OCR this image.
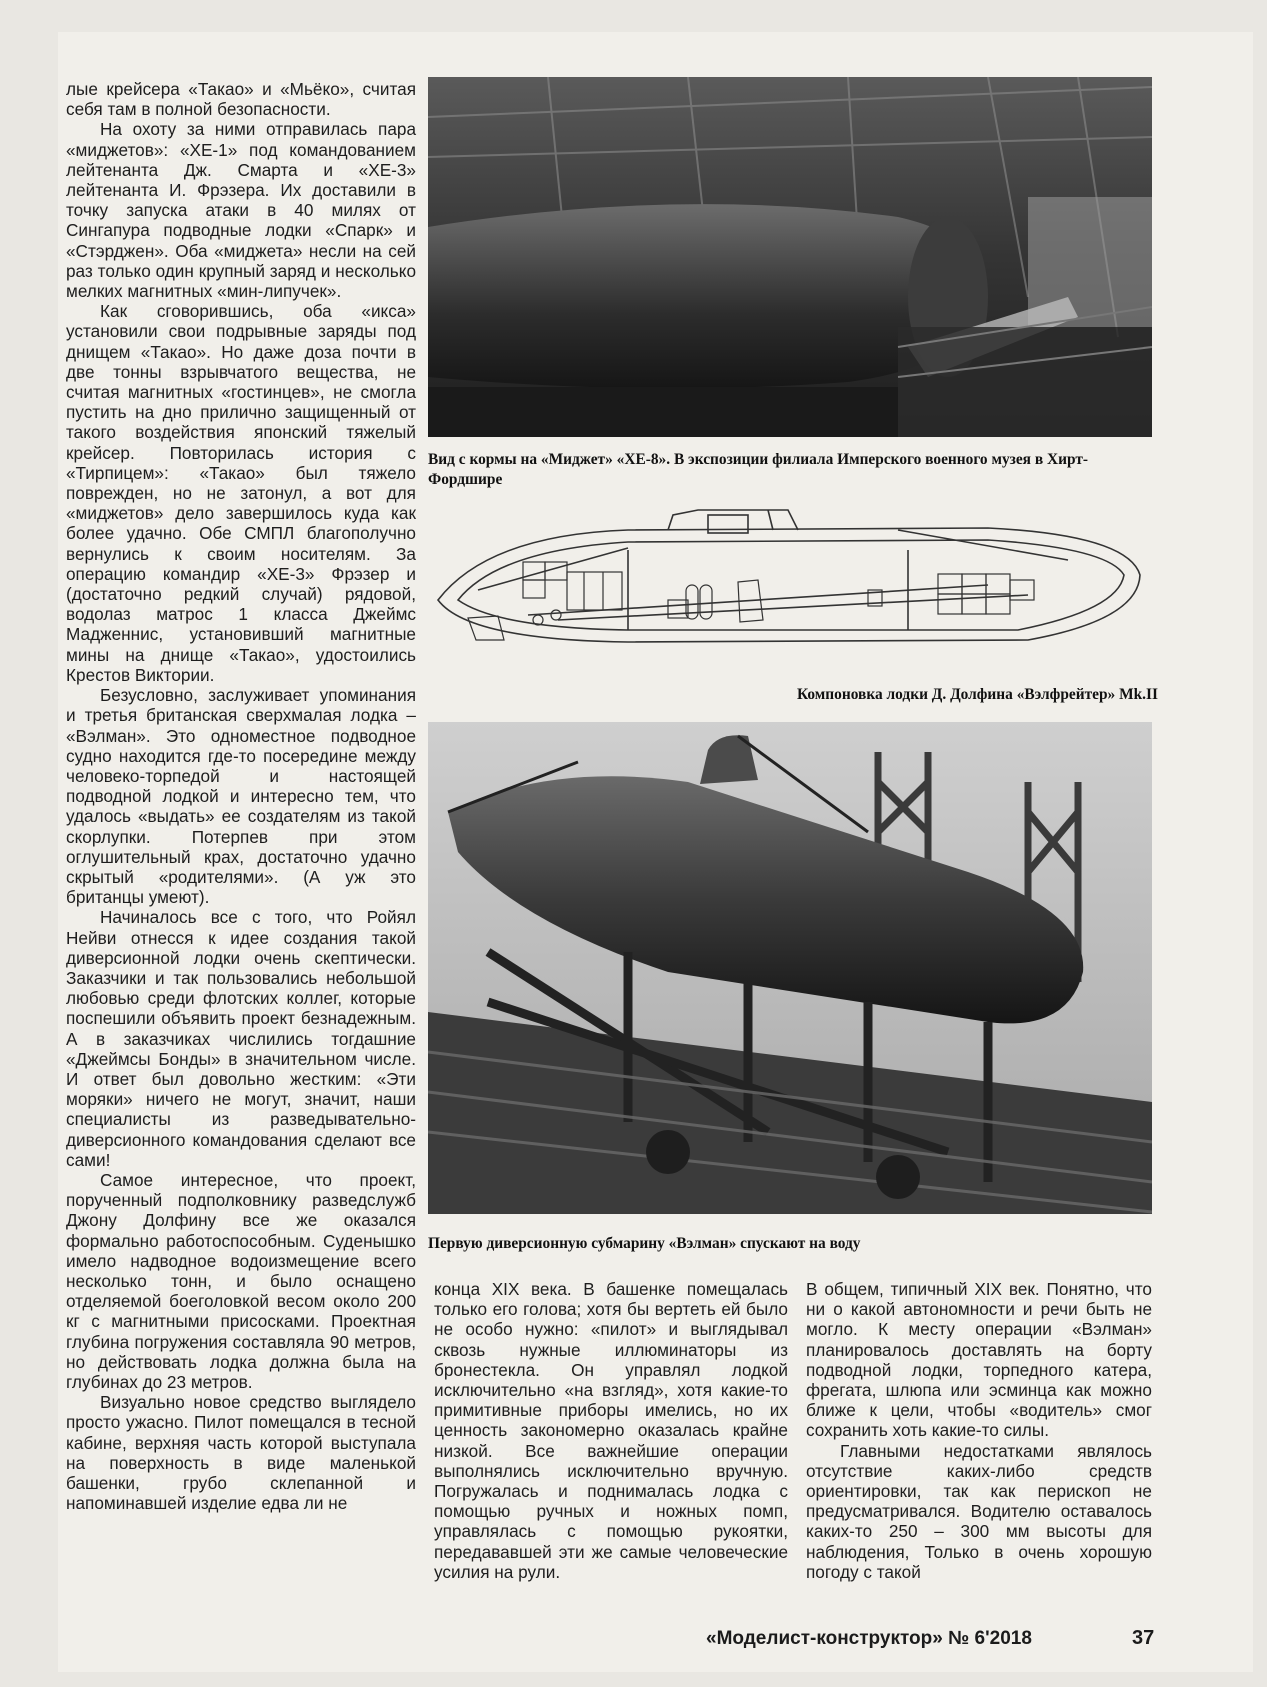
лые крейсера «Такао» и «Мьёко», считая себя там в полной безопасности.

На охоту за ними отправилась пара «миджетов»: «XE-1» под командованием лейтенанта Дж. Смарта и «XE-3» лейтенанта И. Фрэзера. Их доставили в точку запуска атаки в 40 милях от Сингапура подводные лодки «Спарк» и «Стэрджен». Оба «миджета» несли на сей раз только один крупный заряд и несколько мелких магнитных «мин-липучек».

Как сговорившись, оба «икса» установили свои подрывные заряды под днищем «Такао». Но даже доза почти в две тонны взрывчатого вещества, не считая магнитных «гостинцев», не смогла пустить на дно прилично защищенный от такого воздействия японский тяжелый крейсер. Повторилась история с «Тирпицем»: «Такао» был тяжело поврежден, но не затонул, а вот для «миджетов» дело завершилось куда как более удачно. Обе СМПЛ благополучно вернулись к своим носителям. За операцию командир «XE-3» Фрэзер и (достаточно редкий случай) рядовой, водолаз матрос 1 класса Джеймс Мадженнис, установивший магнитные мины на днище «Такао», удостоились Крестов Виктории.

Безусловно, заслуживает упоминания и третья британская сверхмалая лодка – «Вэлман». Это одноместное подводное судно находится где-то посередине между человеко-торпедой и настоящей подводной лодкой и интересно тем, что удалось «выдать» ее создателям из такой скорлупки. Потерпев при этом оглушительный крах, достаточно удачно скрытый «родителями». (А уж это британцы умеют).

Начиналось все с того, что Ройял Нейви отнесся к идее создания такой диверсионной лодки очень скептически. Заказчики и так пользовались небольшой любовью среди флотских коллег, которые поспешили объявить проект безнадежным. А в заказчиках числились тогдашние «Джеймсы Бонды» в значительном числе. И ответ был довольно жестким: «Эти моряки» ничего не могут, значит, наши специалисты из разведывательно-диверсионного командования сделают все сами!

Самое интересное, что проект, порученный подполковнику разведслужб Джону Долфину все же оказался формально работоспособным. Суденышко имело надводное водоизмещение всего несколько тонн, и было оснащено отделяемой боеголовкой весом около 200 кг с магнитными присосками. Проектная глубина погружения составляла 90 метров, но действовать лодка должна была на глубинах до 23 метров.

Визуально новое средство выглядело просто ужасно. Пилот помещался в тесной кабине, верхняя часть которой выступала на поверхность в виде маленькой башенки, грубо склепанной и напоминавшей изделие едва ли не

Вид с кормы на «Миджет» «XE-8». В экспозиции филиала Имперского военного музея в Хирт-Фордшире
Компоновка лодки Д. Долфина «Вэлфрейтер» Mk.II
Первую диверсионную субмарину «Вэлман» спускают на воду

конца XIX века. В башенке помещалась только его голова; хотя бы вертеть ей было не особо нужно: «пилот» и выглядывал сквозь нужные иллюминаторы из бронестекла. Он управлял лодкой исключительно «на взгляд», хотя какие-то примитивные приборы имелись, но их ценность закономерно оказалась крайне низкой. Все важнейшие операции выполнялись исключительно вручную. Погружалась и поднималась лодка с помощью ручных и ножных помп, управлялась с помощью рукоятки, передававшей эти же самые человеческие усилия на рули.

В общем, типичный XIX век. Понятно, что ни о какой автономности и речи быть не могло. К месту операции «Вэлман» планировалось доставлять на борту подводной лодки, торпедного катера, фрегата, шлюпа или эсминца как можно ближе к цели, чтобы «водитель» смог сохранить хоть какие-то силы.

Главными недостатками являлось отсутствие каких-либо средств ориентировки, так как перископ не предусматривался. Водителю оставалось каких-то 250 – 300 мм высоты для наблюдения, Только в очень хорошую погоду с такой

«Моделист-конструктор» № 6'2018	37
